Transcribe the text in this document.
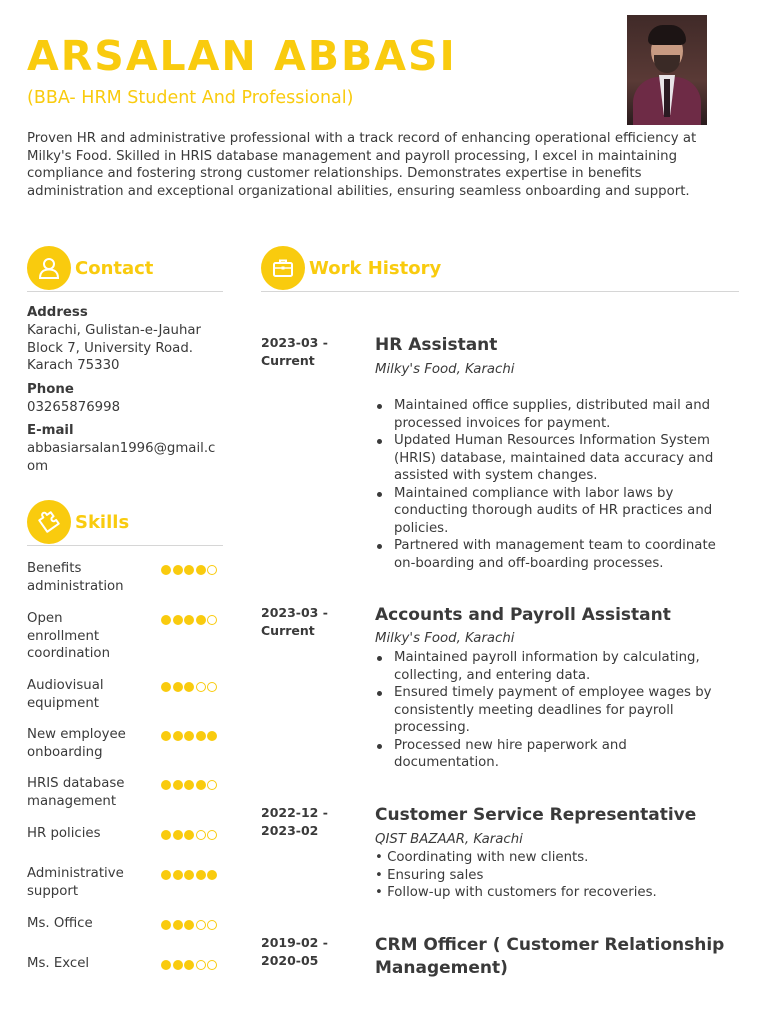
ARSALAN ABBASI
(BBA- HRM Student And Professional)
Proven HR and administrative professional with a track record of enhancing operational efficiency at Milky's Food. Skilled in HRIS database management and payroll processing, I excel in maintaining compliance and fostering strong customer relationships. Demonstrates expertise in benefits administration and exceptional organizational abilities, ensuring seamless onboarding and support.
Contact
Address
Karachi, Gulistan-e-Jauhar
Block 7, University Road.
Karach 75330
Phone
03265876998
E-mail
abbasiarsalan1996@gmail.c
om
Skills
Benefits
administration
Open
enrollment
coordination
Audiovisual
equipment
New employee
onboarding
HRIS database
management
HR policies
Administrative
support
Ms. Office
Ms. Excel
Work History
2023-03 -
Current
HR Assistant
Milky's Food, Karachi
Maintained office supplies, distributed mail and
processed invoices for payment.
Updated Human Resources Information System
(HRIS) database, maintained data accuracy and
assisted with system changes.
Maintained compliance with labor laws by
conducting thorough audits of HR practices and
policies.
Partnered with management team to coordinate
on-boarding and off-boarding processes.
2023-03 -
Current
Accounts and Payroll Assistant
Milky's Food, Karachi
Maintained payroll information by calculating,
collecting, and entering data.
Ensured timely payment of employee wages by
consistently meeting deadlines for payroll
processing.
Processed new hire paperwork and
documentation.
2022-12 -
2023-02
Customer Service Representative
QIST BAZAAR, Karachi
• Coordinating with new clients.
• Ensuring sales
• Follow-up with customers for recoveries.
2019-02 -
2020-05
CRM Officer ( Customer Relationship
Management)
